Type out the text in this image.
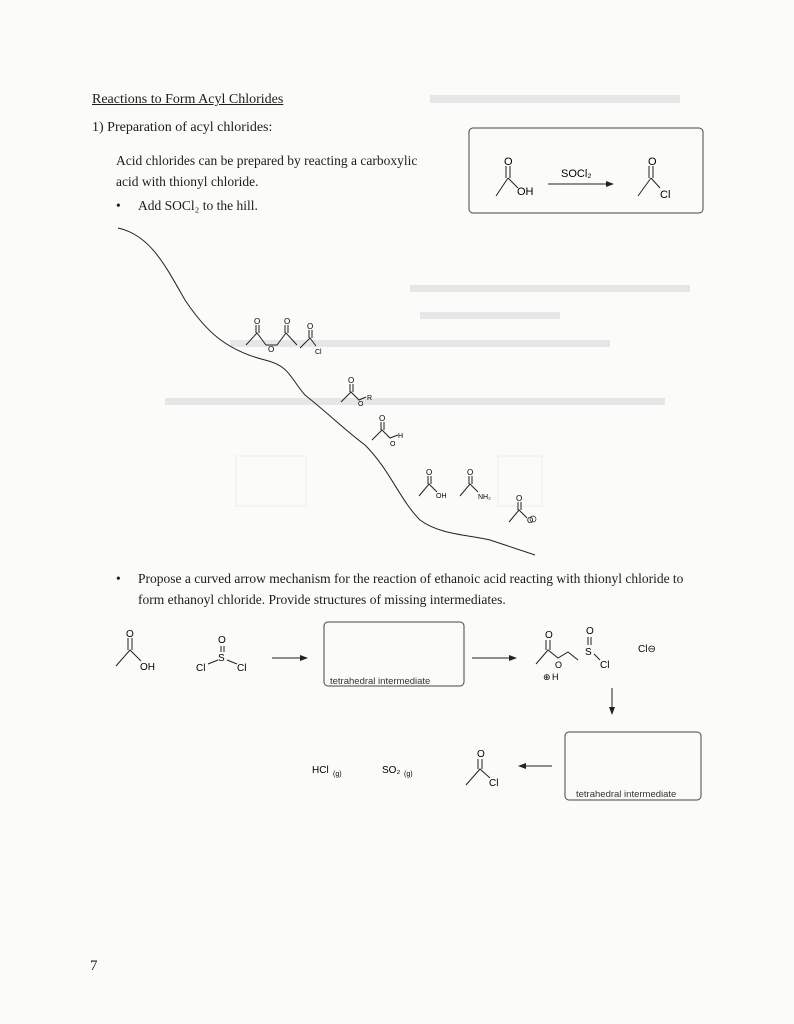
Reactions to Form Acyl Chlorides
1) Preparation of acyl chlorides:
Acid chlorides can be prepared by reacting a carboxylic acid with thionyl chloride.
• Add SOCl₂ to the hill.
• Propose a curved arrow mechanism for the reaction of ethanoic acid reacting with thionyl chloride to form ethanoyl chloride. Provide structures of missing intermediates.
7
O
OH
SOCl₂
O
Cl
O	O
O
O
Cl
O
O
R
O
O
H
O
OH
O
NH₂	O
O
O
OH
O
S
Cl	Cl
tetrahedral intermediate
O
O
O
S
Cl
⊕ H
Cl⊖
tetrahedral intermediate
O
Cl
SO₂ (g)
HCl (g)
